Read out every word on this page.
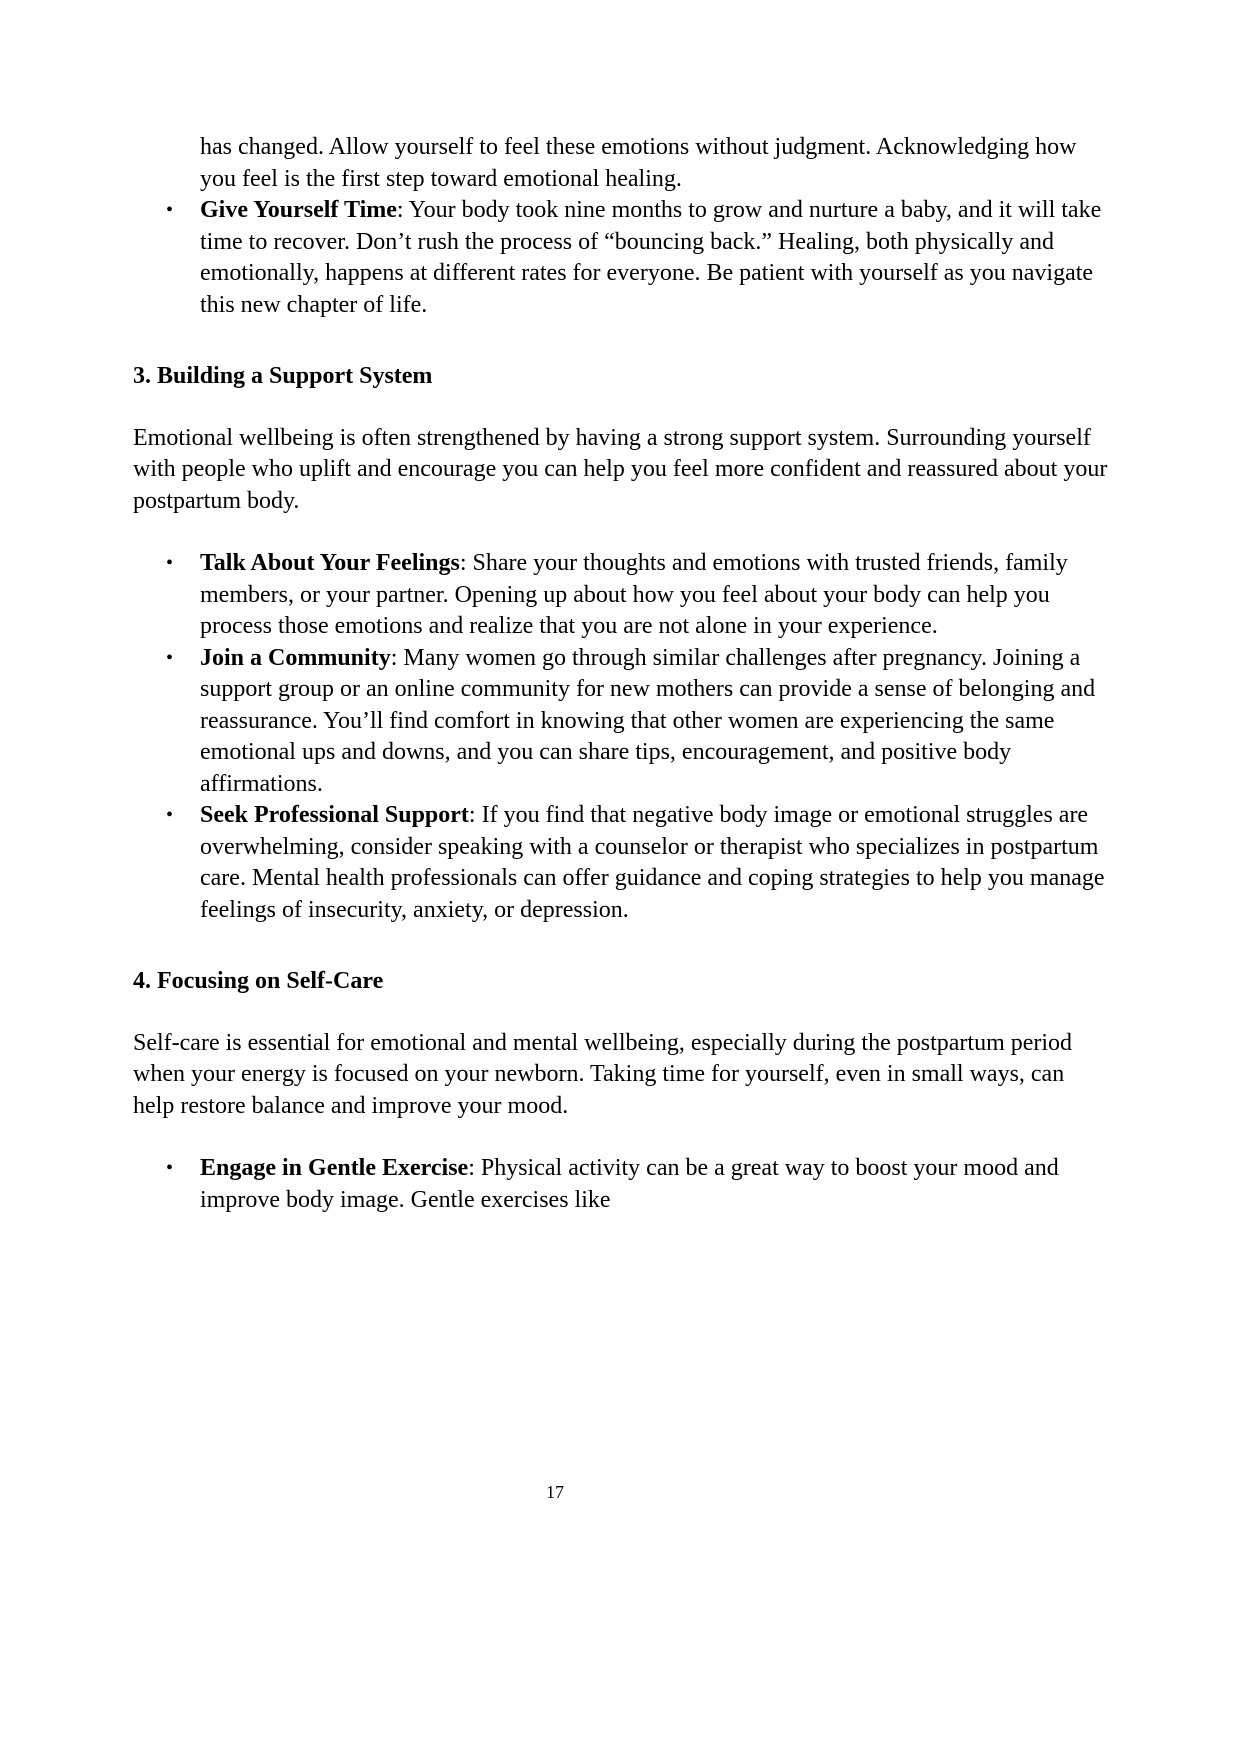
has changed. Allow yourself to feel these emotions without judgment. Acknowledging how you feel is the first step toward emotional healing.
• Give Yourself Time: Your body took nine months to grow and nurture a baby, and it will take time to recover. Don’t rush the process of “bouncing back.” Healing, both physically and emotionally, happens at different rates for everyone. Be patient with yourself as you navigate this new chapter of life.
3. Building a Support System

Emotional wellbeing is often strengthened by having a strong support system. Surrounding yourself with people who uplift and encourage you can help you feel more confident and reassured about your postpartum body.

• Talk About Your Feelings: Share your thoughts and emotions with trusted friends, family members, or your partner. Opening up about how you feel about your body can help you process those emotions and realize that you are not alone in your experience.
• Join a Community: Many women go through similar challenges after pregnancy. Joining a support group or an online community for new mothers can provide a sense of belonging and reassurance. You’ll find comfort in knowing that other women are experiencing the same emotional ups and downs, and you can share tips, encouragement, and positive body affirmations.
• Seek Professional Support: If you find that negative body image or emotional struggles are overwhelming, consider speaking with a counselor or therapist who specializes in postpartum care. Mental health professionals can offer guidance and coping strategies to help you manage feelings of insecurity, anxiety, or depression.
4. Focusing on Self-Care

Self-care is essential for emotional and mental wellbeing, especially during the postpartum period when your energy is focused on your newborn. Taking time for yourself, even in small ways, can help restore balance and improve your mood.

• Engage in Gentle Exercise: Physical activity can be a great way to boost your mood and improve body image. Gentle exercises like
17
